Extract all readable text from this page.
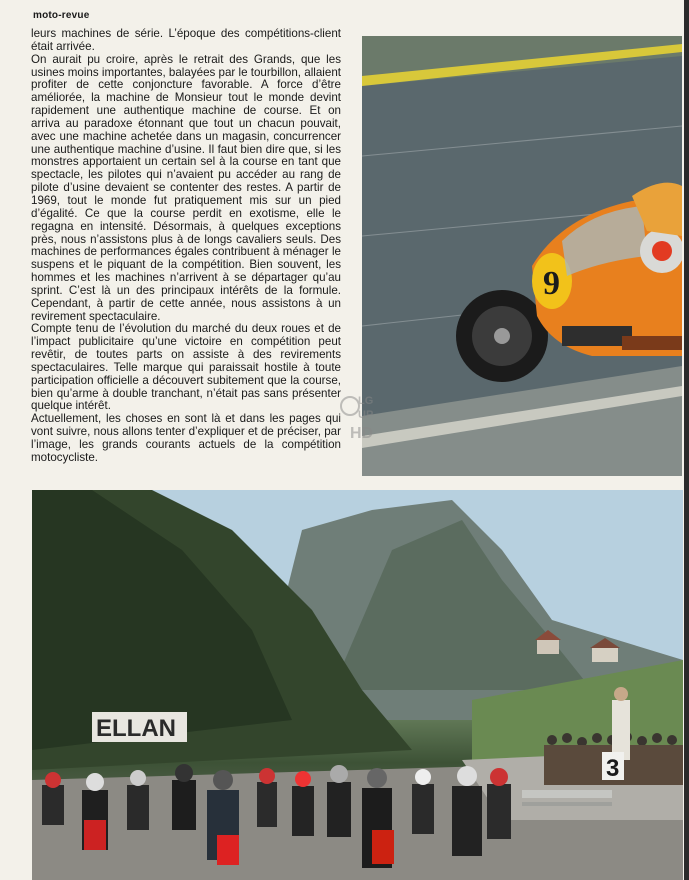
moto-revue

leurs machines de série. L’époque des compétitions-client était arrivée.

On aurait pu croire, après le retrait des Grands, que les usines moins importantes, balayées par le tourbillon, allaient profiter de cette conjoncture favorable. A force d’être améliorée, la machine de Monsieur tout le monde devint rapidement une authentique machine de course. Et on arriva au paradoxe étonnant que tout un chacun pouvait, avec une machine achetée dans un magasin, concurrencer une authentique machine d’usine. Il faut bien dire que, si les monstres apportaient un certain sel à la course en tant que spectacle, les pilotes qui n’avaient pu accéder au rang de pilote d’usine devaient se contenter des restes. A partir de 1969, tout le monde fut pratiquement mis sur un pied d’égalité. Ce que la course perdit en exotisme, elle le regagna en intensité. Désormais, à quelques exceptions près, nous n’assistons plus à de longs cavaliers seuls. Des machines de performances égales contribuent à ménager le suspens et le piquant de la compétition. Bien souvent, les hommes et les machines n’arrivent à se départager qu’au sprint. C’est là un des principaux intérêts de la formule. Cependant, à partir de cette année, nous assistons à un revirement spectaculaire.

Compte tenu de l’évolution du marché du deux roues et de l’impact publicitaire qu’une victoire en compétition peut revêtir, de toutes parts on assiste à des revirements spectaculaires. Telle marque qui paraissait hostile à toute participation officielle a découvert subitement que la course, bien qu’arme à double tranchant, n’était pas sans présenter quelque intérêt.

Actuellement, les choses en sont là et dans les pages qui vont suivre, nous allons tenter d’expliquer et de préciser, par l’image, les grands courants actuels de la compétition motocycliste.

9
ELLAN
3
LG
UP
HD
